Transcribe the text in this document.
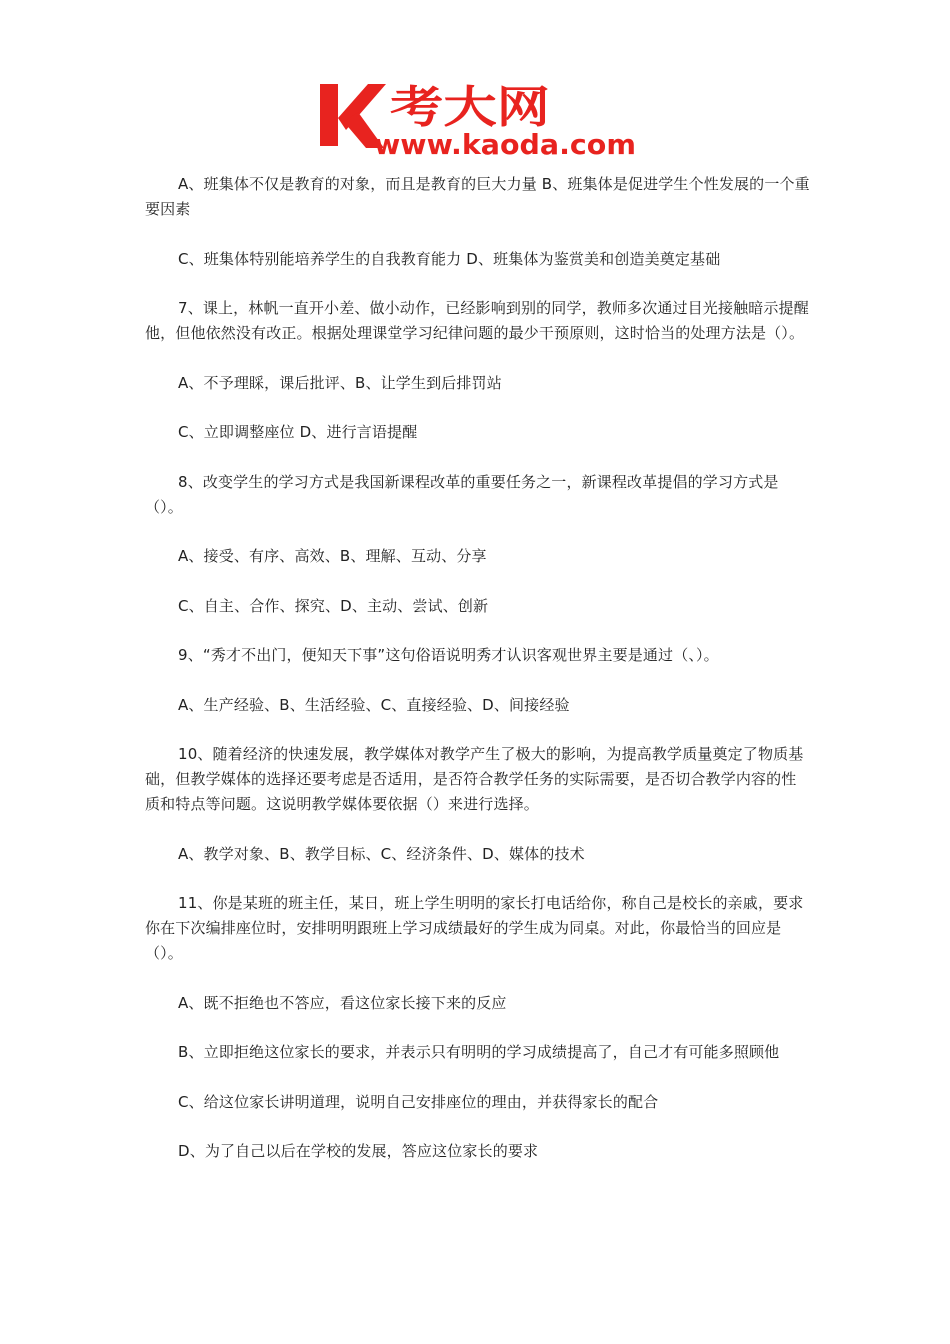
考大网
www.kaoda.com

A、班集体不仅是教育的对象，而且是教育的巨大力量 B、班集体是促进学生个性发展的一个重要因素

C、班集体特别能培养学生的自我教育能力 D、班集体为鉴赏美和创造美奠定基础

7、课上，林帆一直开小差、做小动作，已经影响到别的同学，教师多次通过目光接触暗示提醒他，但他依然没有改正。根据处理课堂学习纪律问题的最少干预原则，这时恰当的处理方法是（）。

A、不予理睬，课后批评、B、让学生到后排罚站

C、立即调整座位 D、进行言语提醒

8、改变学生的学习方式是我国新课程改革的重要任务之一，新课程改革提倡的学习方式是（）。

A、接受、有序、高效、B、理解、互动、分享

C、自主、合作、探究、D、主动、尝试、创新

9、“秀才不出门，便知天下事”这句俗语说明秀才认识客观世界主要是通过（、）。

A、生产经验、B、生活经验、C、直接经验、D、间接经验

10、随着经济的快速发展，教学媒体对教学产生了极大的影响，为提高教学质量奠定了物质基础，但教学媒体的选择还要考虑是否适用，是否符合教学任务的实际需要，是否切合教学内容的性质和特点等问题。这说明教学媒体要依据（）来进行选择。

A、教学对象、B、教学目标、C、经济条件、D、媒体的技术

11、你是某班的班主任，某日，班上学生明明的家长打电话给你，称自己是校长的亲戚，要求你在下次编排座位时，安排明明跟班上学习成绩最好的学生成为同桌。对此，你最恰当的回应是（）。

A、既不拒绝也不答应，看这位家长接下来的反应

B、立即拒绝这位家长的要求，并表示只有明明的学习成绩提高了，自己才有可能多照顾他

C、给这位家长讲明道理，说明自己安排座位的理由，并获得家长的配合

D、为了自己以后在学校的发展，答应这位家长的要求
